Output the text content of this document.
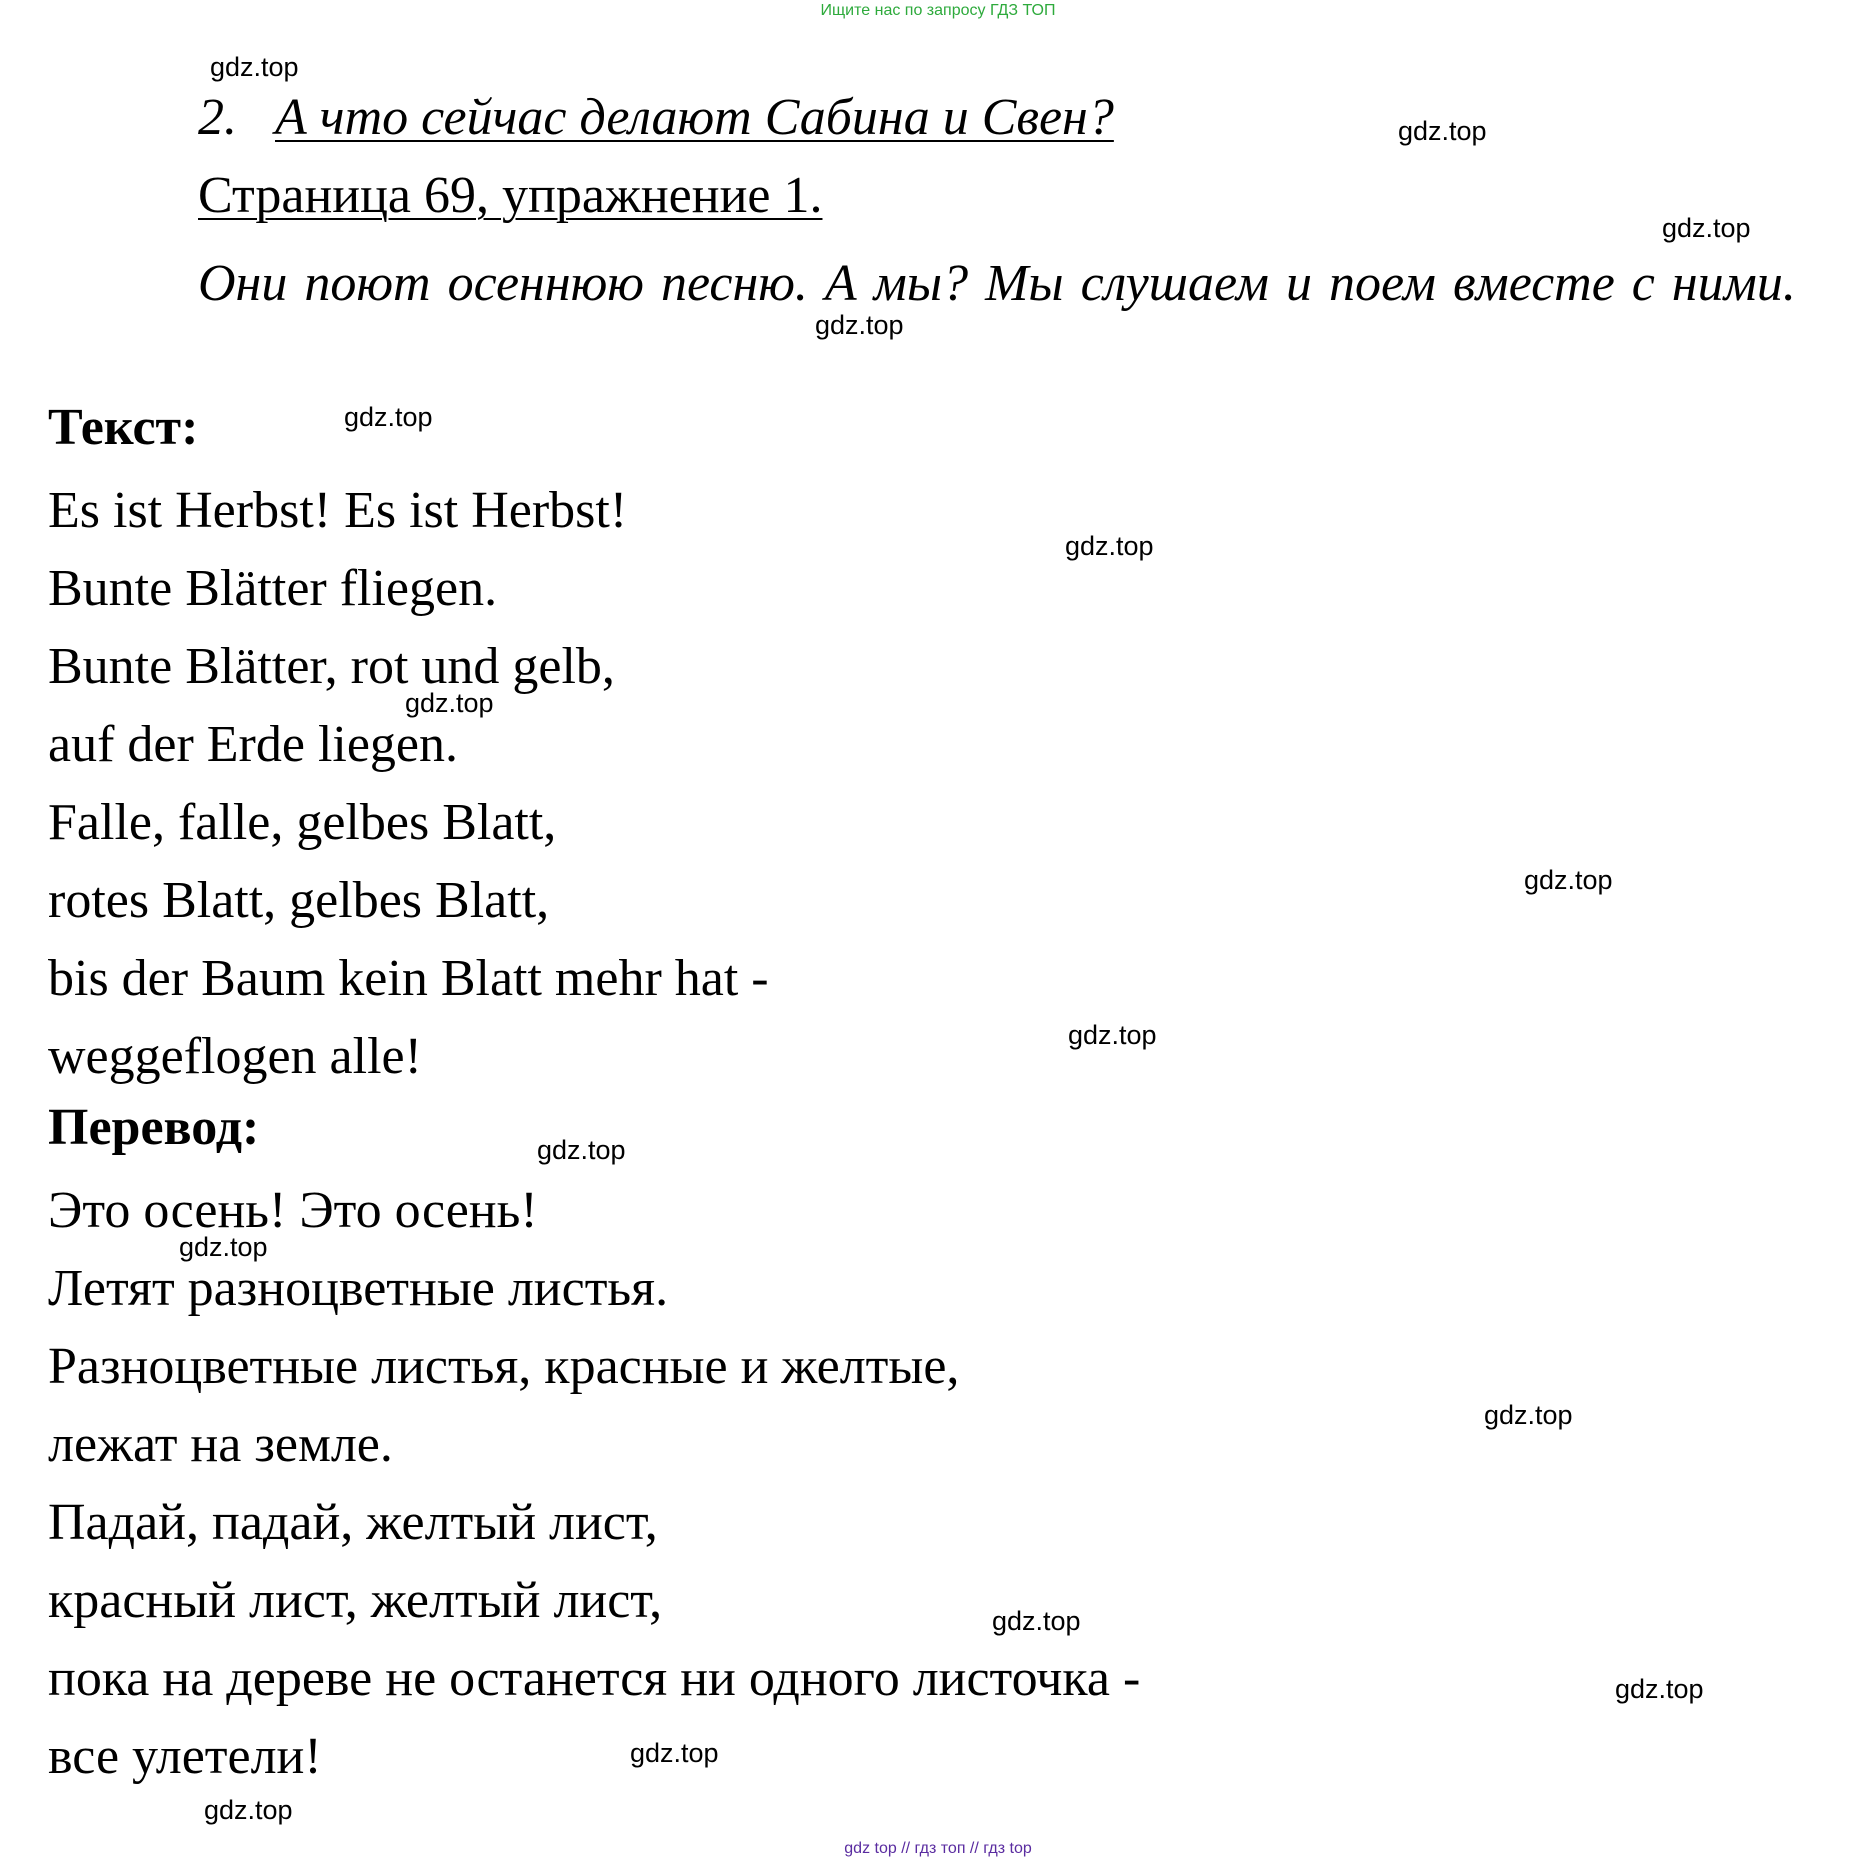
Ищите нас по запросу ГДЗ ТОП
2. А что сейчас делают Сабина и Свен?
Страница 69, упражнение 1.
Они поют осеннюю песню. А мы? Мы слушаем и поем вместе с ними.
Текст:
Es ist Herbst! Es ist Herbst!
Bunte Blätter fliegen.
Bunte Blätter, rot und gelb,
auf der Erde liegen.
Falle, falle, gelbes Blatt,
rotes Blatt, gelbes Blatt,
bis der Baum kein Blatt mehr hat -
weggeflogen alle!
Перевод:
Это осень! Это осень!
Летят разноцветные листья.
Разноцветные листья, красные и желтые,
лежат на земле.
Падай, падай, желтый лист,
красный лист, желтый лист,
пока на дереве не останется ни одного листочка -
все улетели!
gdz.top
gdz.top
gdz.top
gdz.top
gdz.top
gdz.top
gdz.top
gdz.top
gdz.top
gdz.top
gdz.top
gdz.top
gdz.top
gdz.top
gdz.top
gdz.top
gdz top // гдз топ // гдз top
